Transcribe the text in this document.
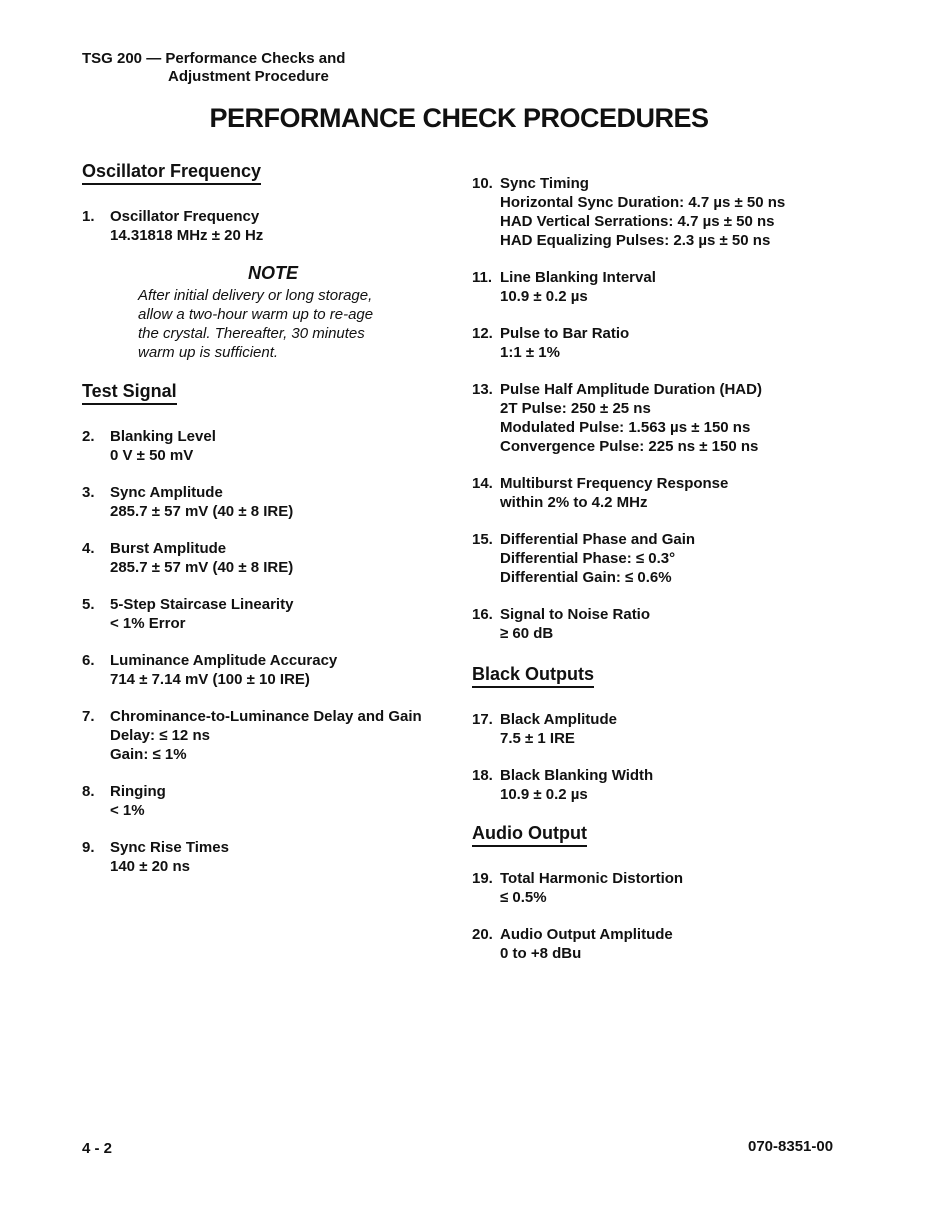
TSG 200 — Performance Checks and
Adjustment Procedure
PERFORMANCE CHECK PROCEDURES
Oscillator Frequency
1.	Oscillator Frequency
14.31818 MHz ± 20 Hz
NOTE
After initial delivery or long storage,
allow a two-hour warm up to re-age
the crystal. Thereafter, 30 minutes
warm up is sufficient.
Test Signal
2.	Blanking Level
0 V ± 50 mV
3.	Sync Amplitude
285.7 ± 57 mV (40 ± 8 IRE)
4.	Burst Amplitude
285.7 ± 57 mV (40 ± 8 IRE)
5.	5-Step Staircase Linearity
< 1% Error
6.	Luminance Amplitude Accuracy
714 ± 7.14 mV (100 ± 10 IRE)
7.	Chrominance-to-Luminance Delay and Gain
Delay: ≤ 12 ns
Gain: ≤ 1%
8.	Ringing
< 1%
9.	Sync Rise Times
140 ± 20 ns
10. Sync Timing
Horizontal Sync Duration: 4.7 µs ± 50 ns
HAD Vertical Serrations: 4.7 µs ± 50 ns
HAD Equalizing Pulses: 2.3 µs ± 50 ns
11. Line Blanking Interval
10.9 ± 0.2 µs
12. Pulse to Bar Ratio
1:1 ± 1%
13. Pulse Half Amplitude Duration (HAD)
2T Pulse: 250 ± 25 ns
Modulated Pulse: 1.563 µs ± 150 ns
Convergence Pulse: 225 ns ± 150 ns
14. Multiburst Frequency Response
within 2% to 4.2 MHz
15. Differential Phase and Gain
Differential Phase: ≤ 0.3°
Differential Gain: ≤ 0.6%
16. Signal to Noise Ratio
≥ 60 dB
Black Outputs
17. Black Amplitude
7.5 ± 1 IRE
18. Black Blanking Width
10.9 ± 0.2 µs
Audio Output
19. Total Harmonic Distortion
≤ 0.5%
20. Audio Output Amplitude
0 to +8 dBu
4 - 2	070-8351-00
